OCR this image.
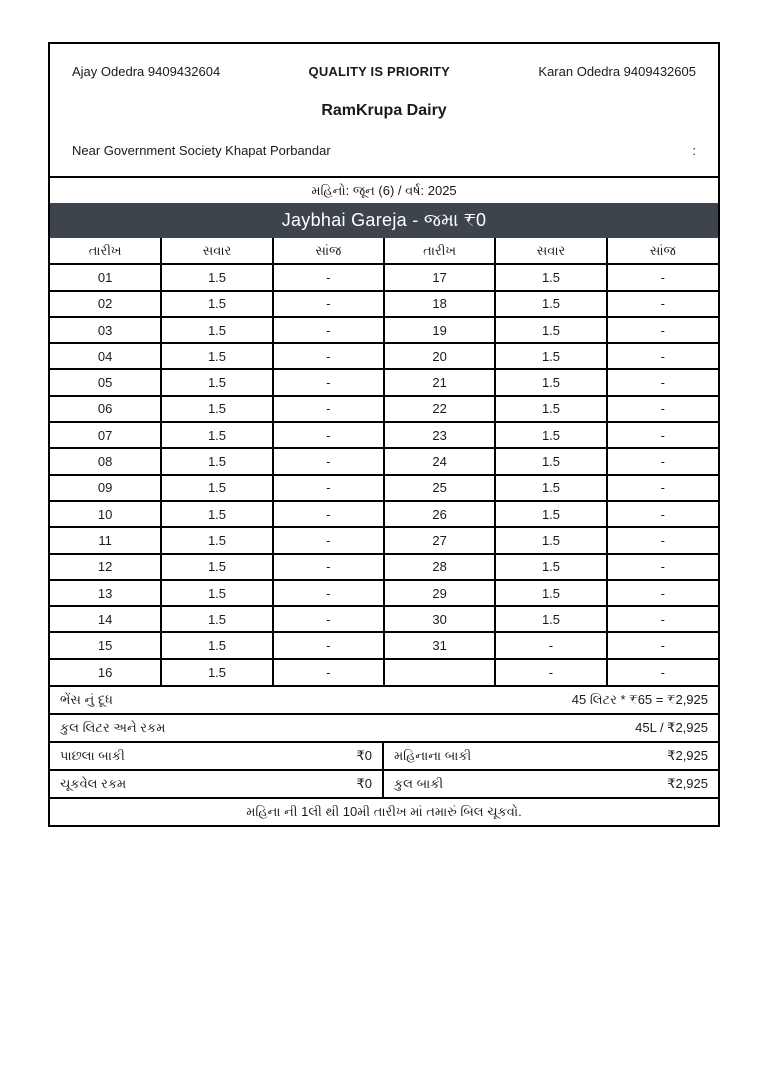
Ajay Odedra 9409432604	QUALITY IS PRIORITY	Karan Odedra 9409432605
RamKrupa Dairy
Near Government Society Khapat Porbandar	:
મહિનો: જૂન (6) / વર્ષ: 2025
Jaybhai Gareja - જમા ₹0
તારીખ	સવાર	સાંજ	તારીખ	સવાર	સાંજ
01	1.5	-	17	1.5	-
02	1.5	-	18	1.5	-
03	1.5	-	19	1.5	-
04	1.5	-	20	1.5	-
05	1.5	-	21	1.5	-
06	1.5	-	22	1.5	-
07	1.5	-	23	1.5	-
08	1.5	-	24	1.5	-
09	1.5	-	25	1.5	-
10	1.5	-	26	1.5	-
11	1.5	-	27	1.5	-
12	1.5	-	28	1.5	-
13	1.5	-	29	1.5	-
14	1.5	-	30	1.5	-
15	1.5	-	31	-	-
16	1.5	-		-	-
ભેંસ નું દૂધ	45 લિટર * ₹65 = ₹2,925
કુલ લિટર અને રકમ	45L / ₹2,925
પાછલા બાકી	₹0 મહિનાના બાકી	₹2,925
ચૂકવેલ રકમ	₹0 કુલ બાકી	₹2,925
મહિના ની 1લી થી 10મી તારીખ માં તમારું બિલ ચૂકવો.
